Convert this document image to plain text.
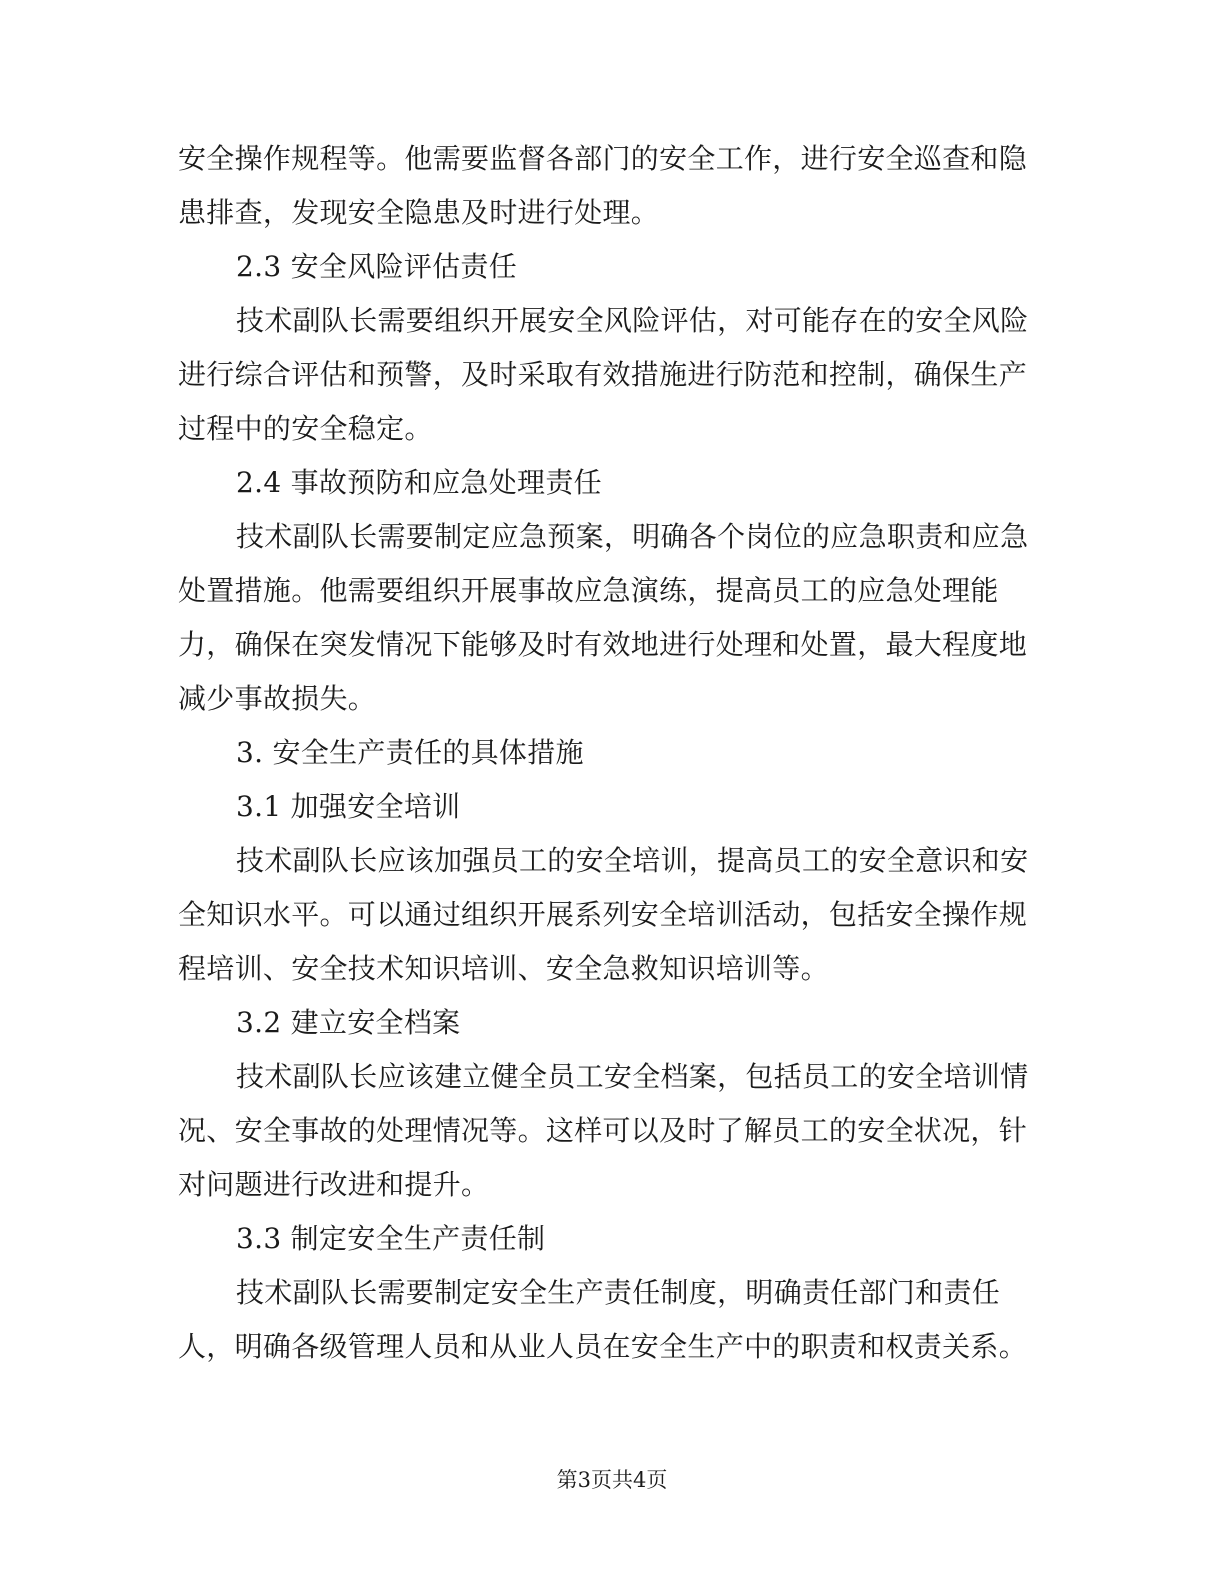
安全操作规程等。他需要监督各部门的安全工作，进行安全巡查和隐
患排查，发现安全隐患及时进行处理。
2.3 安全风险评估责任
技术副队长需要组织开展安全风险评估，对可能存在的安全风险
进行综合评估和预警，及时采取有效措施进行防范和控制，确保生产
过程中的安全稳定。
2.4 事故预防和应急处理责任
技术副队长需要制定应急预案，明确各个岗位的应急职责和应急
处置措施。他需要组织开展事故应急演练，提高员工的应急处理能
力，确保在突发情况下能够及时有效地进行处理和处置，最大程度地
减少事故损失。
3. 安全生产责任的具体措施
3.1 加强安全培训
技术副队长应该加强员工的安全培训，提高员工的安全意识和安
全知识水平。可以通过组织开展系列安全培训活动，包括安全操作规
程培训、安全技术知识培训、安全急救知识培训等。
3.2 建立安全档案
技术副队长应该建立健全员工安全档案，包括员工的安全培训情
况、安全事故的处理情况等。这样可以及时了解员工的安全状况，针
对问题进行改进和提升。
3.3 制定安全生产责任制
技术副队长需要制定安全生产责任制度，明确责任部门和责任
人，明确各级管理人员和从业人员在安全生产中的职责和权责关系。
第3页共4页
